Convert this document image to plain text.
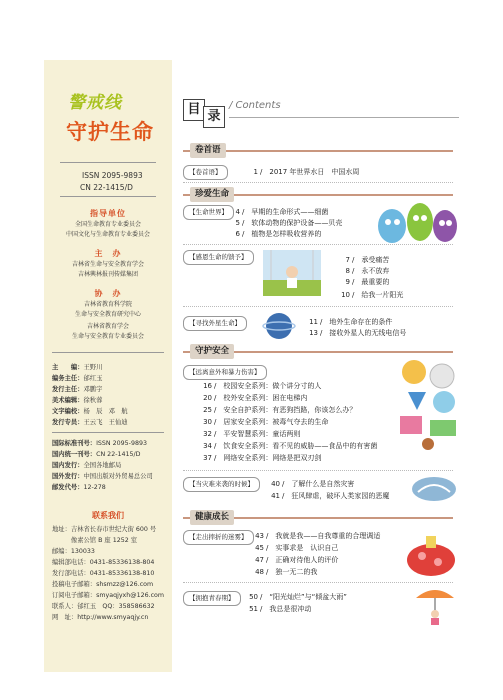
警戒线
守护生命
ISSN 2095-9893
CN 22-1415/D
指导单位
全国生命教育专业委员会
中国文化与生命教育专业委员会
主　办
吉林省生命与安全教育学会
吉林興林报刊传媒集团
协　办
吉林省教育科学院
生命与安全教育研究中心
吉林省教育学会
生命与安全教育专业委员会
主　　编：王野川
编务主任：邰红玉
发行主任：邓鹏宇
美术编辑：徐秋蓉
文字编校：杨　辰　邓　航
发行专员：王云飞　王仙迪
国际标准刊号：ISSN 2095-9893
国内统一刊号：CN 22-1415/D
国内发行：全国各地邮局
国外发行：中国出版对外贸易总公司
邮发代号：12-278
联系我们
地址：吉林省长春市世纪大街 600 号
　　　像素公馆 B 座 1252 室
邮编：130033
编辑部电话：0431-85336138-804
发行部电话：0431-85336138-810
投稿电子邮箱：shsmzz@126.com
订阅电子邮箱：smyaqjyxh@126.com
联系人：邰红玉　QQ：358586632
网　址：http://www.smyaqjy.cn
目 录
/ Contents
卷首语
【卷首语】	1 /　2017 年世界水日　中国水周
珍爱生命
【生命世界】	4 /　早期的生命形式——细菌
5 /　软体动物的保护设备——贝壳
6 /　植物是怎样吸收营养的
【感恩生命的馈予】	7 /　承受痛苦
8 /　永不放弃
9 /　最重要的
10 /　给我一片阳光
【寻找外星生命】	11 /　地外生命存在的条件
13 /　接收外星人的无线电信号
守护安全
【远离意外和暴力伤害】
16 /　校园安全系列：做个讲分寸的人
20 /　校外安全系列：困在电梯内
25 /　安全自护系列：有恶狗挡路，你该怎么办？
30 /　居家安全系列：被毒气夺去的生命
32 /　平安智慧系列：童话两则
34 /　饮食安全系列：看不见的威胁——食品中的有害菌
37 /　网络安全系列：网络是把双刃剑
【当灾难来袭的时候】	40 /　了解什么是自然灾害
41 /　狂风肆虐，破坏人类家园的恶魔
健康成长
【走出摔折的迷雾】	43 /　我就是我——自我尊重的合理调适
45 /　实事求是　认识自己
47 /　正确对待他人的评价
48 /　独一无二的我
【拥抱青春期】	50 /　“阳光灿烂”与“倾盆大雨”
51 /　我总是很冲动
